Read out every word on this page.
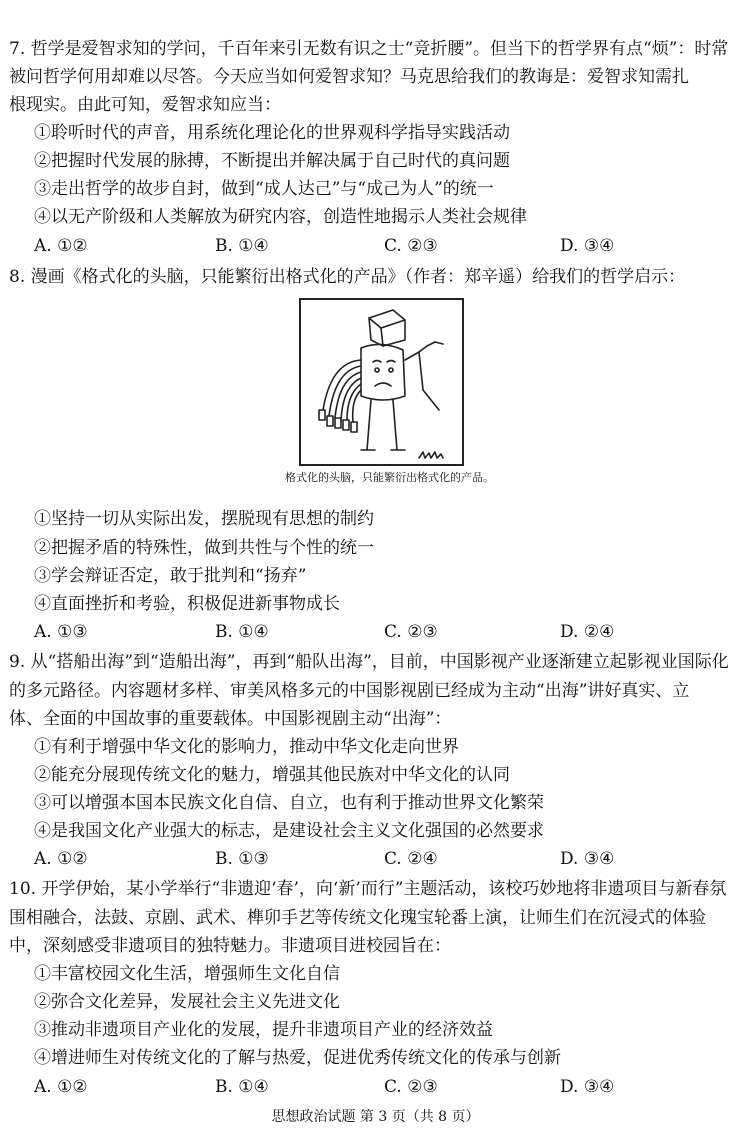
7. 哲学是爱智求知的学问，千百年来引无数有识之士“竞折腰”。但当下的哲学界有点“烦”：时常
被问哲学何用却难以尽答。今天应当如何爱智求知？马克思给我们的教诲是：爱智求知需扎
根现实。由此可知，爱智求知应当：
①聆听时代的声音，用系统化理论化的世界观科学指导实践活动
②把握时代发展的脉搏，不断提出并解决属于自己时代的真问题
③走出哲学的故步自封，做到“成人达己”与“成己为人”的统一
④以无产阶级和人类解放为研究内容，创造性地揭示人类社会规律
A. ①②	B. ①④	C. ②③	D. ③④
8. 漫画《格式化的头脑，只能繁衍出格式化的产品》（作者：郑辛遥）给我们的哲学启示：
格式化的头脑，只能繁衍出格式化的产品。
①坚持一切从实际出发，摆脱现有思想的制约
②把握矛盾的特殊性，做到共性与个性的统一
③学会辩证否定，敢于批判和“扬弃”
④直面挫折和考验，积极促进新事物成长
A. ①③	B. ①④	C. ②③	D. ②④
9. 从“搭船出海”到“造船出海”，再到“船队出海”，目前，中国影视产业逐渐建立起影视业国际化
的多元路径。内容题材多样、审美风格多元的中国影视剧已经成为主动“出海”讲好真实、立
体、全面的中国故事的重要载体。中国影视剧主动“出海”：
①有利于增强中华文化的影响力，推动中华文化走向世界
②能充分展现传统文化的魅力，增强其他民族对中华文化的认同
③可以增强本国本民族文化自信、自立，也有利于推动世界文化繁荣
④是我国文化产业强大的标志，是建设社会主义文化强国的必然要求
A. ①②	B. ①③	C. ②④	D. ③④
10. 开学伊始，某小学举行“非遗迎‘春’，向‘新’而行”主题活动，该校巧妙地将非遗项目与新春氛
围相融合，法鼓、京剧、武术、榫卯手艺等传统文化瑰宝轮番上演，让师生们在沉浸式的体验
中，深刻感受非遗项目的独特魅力。非遗项目进校园旨在：
①丰富校园文化生活，增强师生文化自信
②弥合文化差异，发展社会主义先进文化
③推动非遗项目产业化的发展，提升非遗项目产业的经济效益
④增进师生对传统文化的了解与热爱，促进优秀传统文化的传承与创新
A. ①②	B. ①④	C. ②③	D. ③④
思想政治试题 第 3 页（共 8 页）
